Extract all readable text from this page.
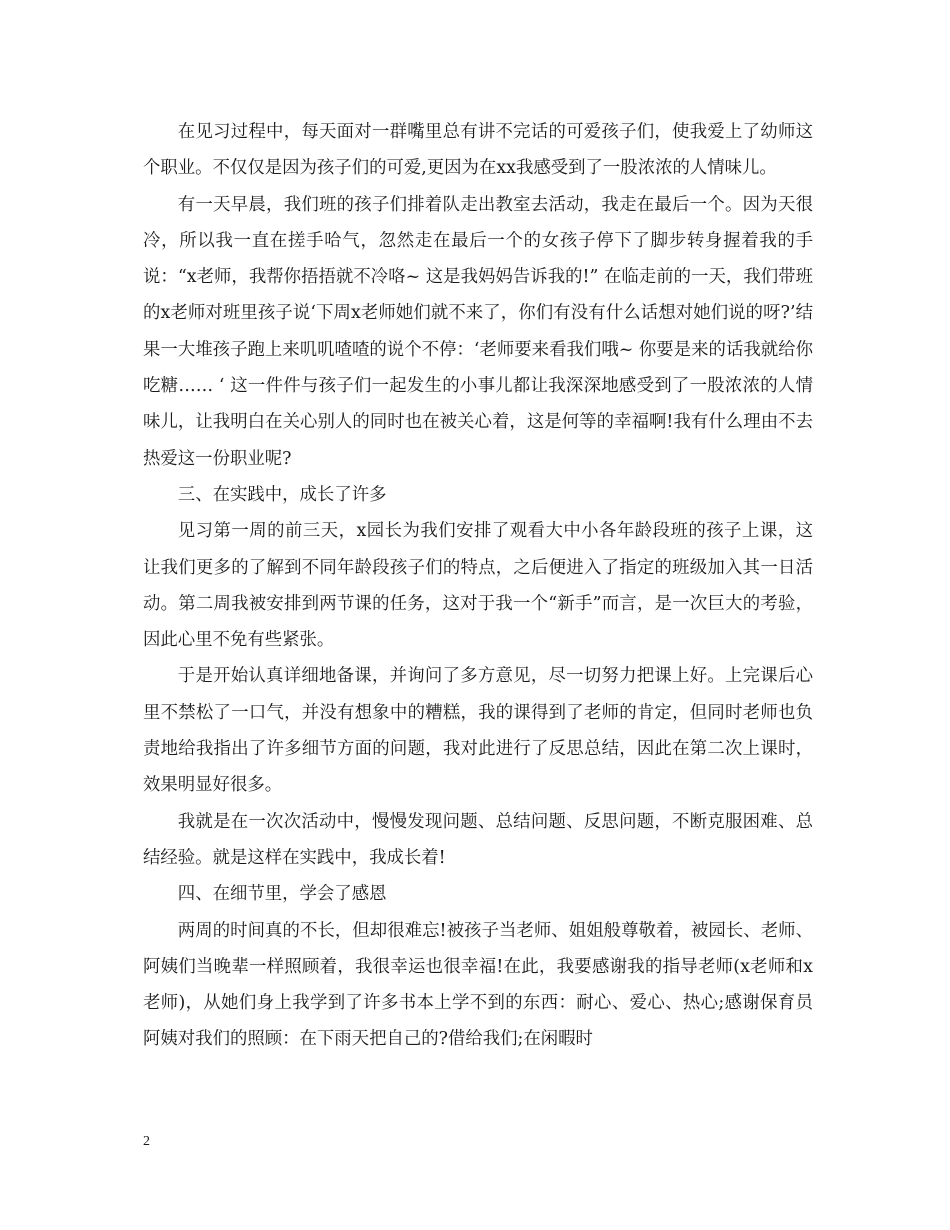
在见习过程中，每天面对一群嘴里总有讲不完话的可爱孩子们，使我爱上了幼师这个职业。不仅仅是因为孩子们的可爱,更因为在xx我感受到了一股浓浓的人情味儿。

有一天早晨，我们班的孩子们排着队走出教室去活动，我走在最后一个。因为天很冷，所以我一直在搓手哈气，忽然走在最后一个的女孩子停下了脚步转身握着我的手说：“x老师，我帮你捂捂就不冷咯~ 这是我妈妈告诉我的!” 在临走前的一天，我们带班的x老师对班里孩子说‘下周x老师她们就不来了，你们有没有什么话想对她们说的呀?’结果一大堆孩子跑上来叽叽喳喳的说个不停：‘老师要来看我们哦~ 你要是来的话我就给你吃糖…… ‘ 这一件件与孩子们一起发生的小事儿都让我深深地感受到了一股浓浓的人情味儿，让我明白在关心别人的同时也在被关心着，这是何等的幸福啊!我有什么理由不去热爱这一份职业呢?

三、在实践中，成长了许多

见习第一周的前三天，x园长为我们安排了观看大中小各年龄段班的孩子上课，这让我们更多的了解到不同年龄段孩子们的特点，之后便进入了指定的班级加入其一日活动。第二周我被安排到两节课的任务，这对于我一个“新手”而言，是一次巨大的考验，因此心里不免有些紧张。

于是开始认真详细地备课，并询问了多方意见，尽一切努力把课上好。上完课后心里不禁松了一口气，并没有想象中的糟糕，我的课得到了老师的肯定，但同时老师也负责地给我指出了许多细节方面的问题，我对此进行了反思总结，因此在第二次上课时，效果明显好很多。

我就是在一次次活动中，慢慢发现问题、总结问题、反思问题，不断克服困难、总结经验。就是这样在实践中，我成长着!

四、在细节里，学会了感恩

两周的时间真的不长，但却很难忘!被孩子当老师、姐姐般尊敬着，被园长、老师、阿姨们当晚辈一样照顾着，我很幸运也很幸福!在此，我要感谢我的指导老师(x老师和x老师)，从她们身上我学到了许多书本上学不到的东西：耐心、爱心、热心;感谢保育员阿姨对我们的照顾：在下雨天把自己的?借给我们;在闲暇时

2
